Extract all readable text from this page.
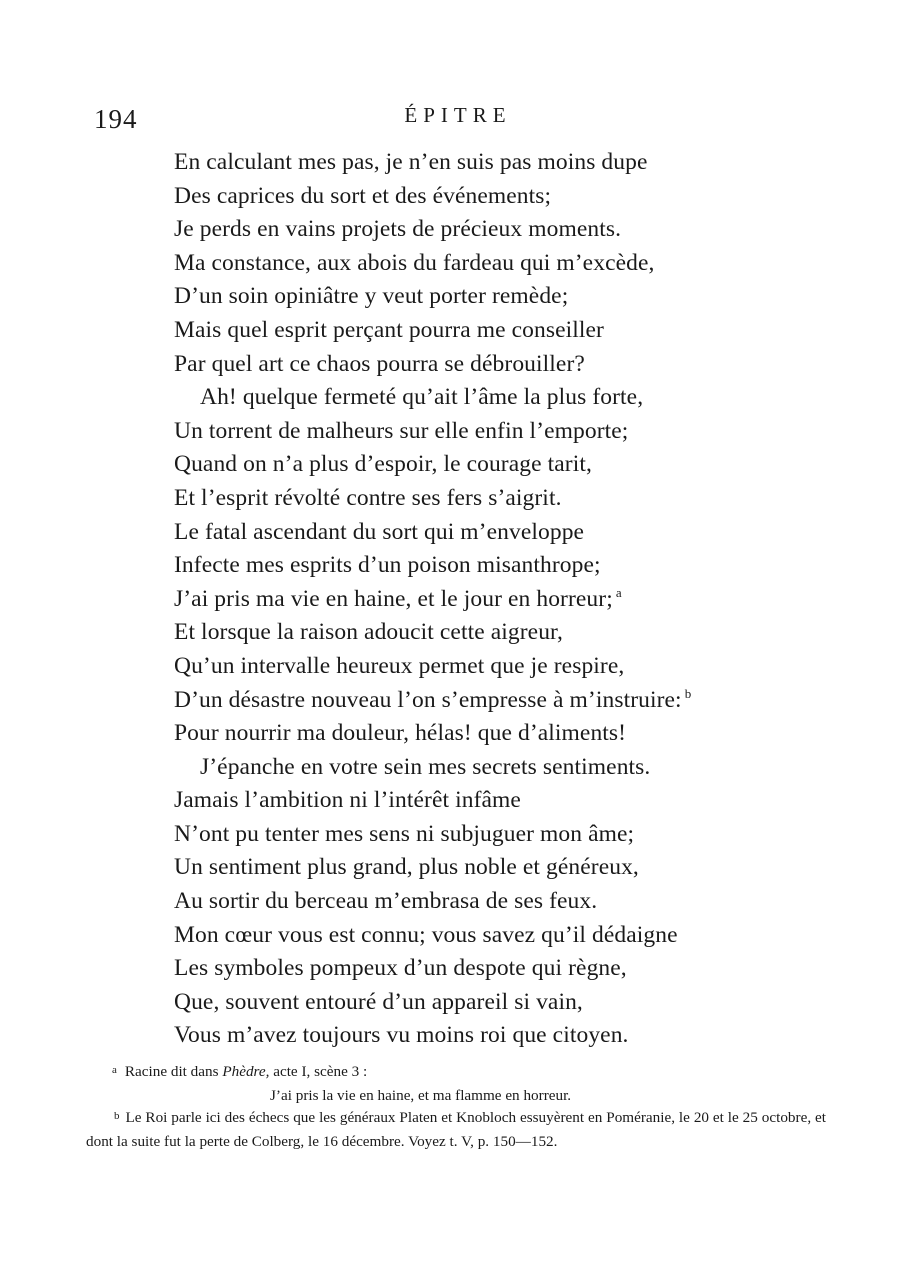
194	ÉPITRE
En calculant mes pas, je n’en suis pas moins dupe
Des caprices du sort et des événements;
Je perds en vains projets de précieux moments.
Ma constance, aux abois du fardeau qui m’excède,
D’un soin opiniâtre y veut porter remède;
Mais quel esprit perçant pourra me conseiller
Par quel art ce chaos pourra se débrouiller?
Ah! quelque fermeté qu’ait l’âme la plus forte,
Un torrent de malheurs sur elle enfin l’emporte;
Quand on n’a plus d’espoir, le courage tarit,
Et l’esprit révolté contre ses fers s’aigrit.
Le fatal ascendant du sort qui m’enveloppe
Infecte mes esprits d’un poison misanthrope;
J’ai pris ma vie en haine, et le jour en horreur; $^a$
Et lorsque la raison adoucit cette aigreur,
Qu’un intervalle heureux permet que je respire,
D’un désastre nouveau l’on s’empresse à m’instruire: $^b$
Pour nourrir ma douleur, hélas! que d’aliments!
J’épanche en votre sein mes secrets sentiments.
Jamais l’ambition ni l’intérêt infâme
N’ont pu tenter mes sens ni subjuguer mon âme;
Un sentiment plus grand, plus noble et généreux,
Au sortir du berceau m’embrasa de ses feux.
Mon cœur vous est connu; vous savez qu’il dédaigne
Les symboles pompeux d’un despote qui règne,
Que, souvent entouré d’un appareil si vain,
Vous m’avez toujours vu moins roi que citoyen.

a Racine dit dans Phèdre, acte I, scène 3 :

J’ai pris la vie en haine, et ma flamme en horreur.

b Le Roi parle ici des échecs que les généraux Platen et Knobloch essuyèrent en Poméranie, le 20 et le 25 octobre, et dont la suite fut la perte de Colberg, le 16 décembre. Voyez t. V, p. 150—152.
